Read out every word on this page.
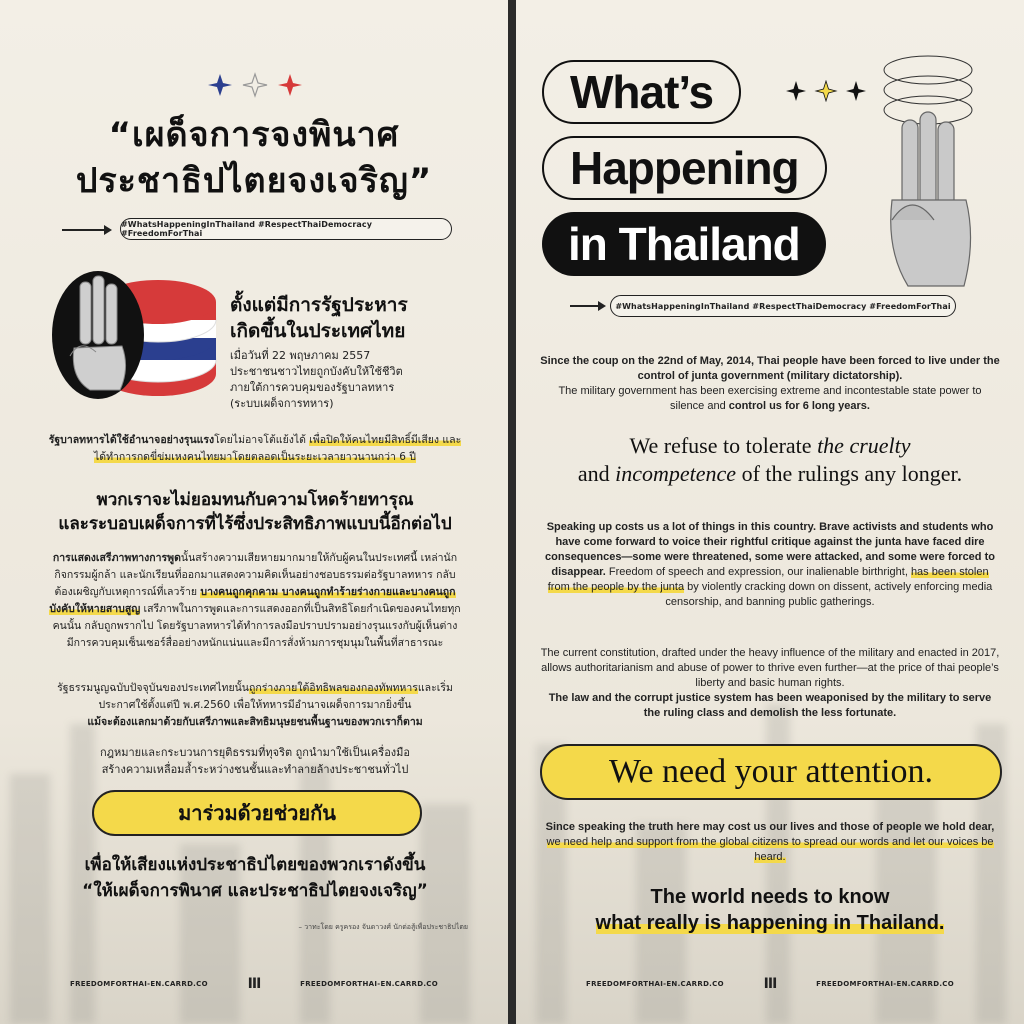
“เผด็จการจงพินาศ
ประชาธิปไตยจงเจริญ”
#WhatsHappeningInThailand #RespectThaiDemocracy #FreedomForThai
ตั้งแต่มีการรัฐประหาร
เกิดขึ้นในประเทศไทย
เมื่อวันที่ 22 พฤษภาคม 2557
ประชาชนชาวไทยถูกบังคับให้ใช้ชีวิต
ภายใต้การควบคุมของรัฐบาลทหาร
(ระบบเผด็จการทหาร)
รัฐบาลทหารได้ใช้อำนาจอย่างรุนแรงโดยไม่อาจโต้แย้งได้ เพื่อปิดให้คนไทยมีสิทธิ์มีเสียง และได้ทำการกดขี่ข่มเหงคนไทยมาโดยตลอดเป็นระยะเวลายาวนานกว่า 6 ปี
พวกเราจะไม่ยอมทนกับความโหดร้ายทารุณ
และระบอบเผด็จการที่ไร้ซึ่งประสิทธิภาพแบบนี้อีกต่อไป
การแสดงเสรีภาพทางการพูดนั้นสร้างความเสียหายมากมายให้กับผู้คนในประเทศนี้ เหล่านักกิจกรรมผู้กล้า และนักเรียนที่ออกมาแสดงความคิดเห็นอย่างชอบธรรมต่อรัฐบาลทหาร กลับต้องเผชิญกับเหตุการณ์ที่เลวร้าย บางคนถูกคุกคาม บางคนถูกทำร้ายร่างกายและบางคนถูกบังคับให้หายสาบสูญ เสรีภาพในการพูดและการแสดงออกที่เป็นสิทธิโดยกำเนิดของคนไทยทุกคนนั้น กลับถูกพรากไป โดยรัฐบาลทหารได้ทำการลงมือปราบปรามอย่างรุนแรงกับผู้เห็นต่าง มีการควบคุมเซ็นเซอร์สื่ออย่างหนักแน่นและมีการสั่งห้ามการชุมนุมในพื้นที่สาธารณะ
รัฐธรรมนูญฉบับปัจจุบันของประเทศไทยนั้นถูกร่างภายใต้อิทธิพลของกองทัพทหารและเริ่มประกาศใช้ตั้งแต่ปี พ.ศ.2560 เพื่อให้ทหารมีอำนาจเผด็จการมากยิ่งขึ้น
แม้จะต้องแลกมาด้วยกับเสรีภาพและสิทธิมนุษยชนพื้นฐานของพวกเราก็ตาม
กฎหมายและกระบวนการยุติธรรมที่ทุจริต ถูกนำมาใช้เป็นเครื่องมือ
สร้างความเหลื่อมล้ำระหว่างชนชั้นและทำลายล้างประชาชนทั่วไป
มาร่วมด้วยช่วยกัน
เพื่อให้เสียงแห่งประชาธิปไตยของพวกเราดังขึ้น
“ให้เผด็จการพินาศ และประชาธิปไตยจงเจริญ”
– วาทะโดย ครูครอง จันดาวงศ์ นักต่อสู้เพื่อประชาธิปไตย
FREEDOMFORTHAI-EN.CARRD.CO	III	FREEDOMFORTHAI-EN.CARRD.CO
What’s
Happening
in Thailand
#WhatsHappeningInThailand #RespectThaiDemocracy #FreedomForThai
Since the coup on the 22nd of May, 2014, Thai people have been forced to live under the control of junta government (military dictatorship).
The military government has been exercising extreme and incontestable state power to silence and control us for 6 long years.
We refuse to tolerate the cruelty
and incompetence of the rulings any longer.
Speaking up costs us a lot of things in this country. Brave activists and students who have come forward to voice their rightful critique against the junta have faced dire consequences—some were threatened, some were attacked, and some were forced to disappear. Freedom of speech and expression, our inalienable birthright, has been stolen from the people by the junta by violently cracking down on dissent, actively enforcing media censorship, and banning public gatherings.
The current constitution, drafted under the heavy influence of the military and enacted in 2017, allows authoritarianism and abuse of power to thrive even further—at the price of thai people’s liberty and basic human rights.
The law and the corrupt justice system has been weaponised by the military to serve the ruling class and demolish the less fortunate.
We need your attention.
Since speaking the truth here may cost us our lives and those of people we hold dear, we need help and support from the global citizens to spread our words and let our voices be heard.
The world needs to know
what really is happening in Thailand.
FREEDOMFORTHAI-EN.CARRD.CO	III	FREEDOMFORTHAI-EN.CARRD.CO
